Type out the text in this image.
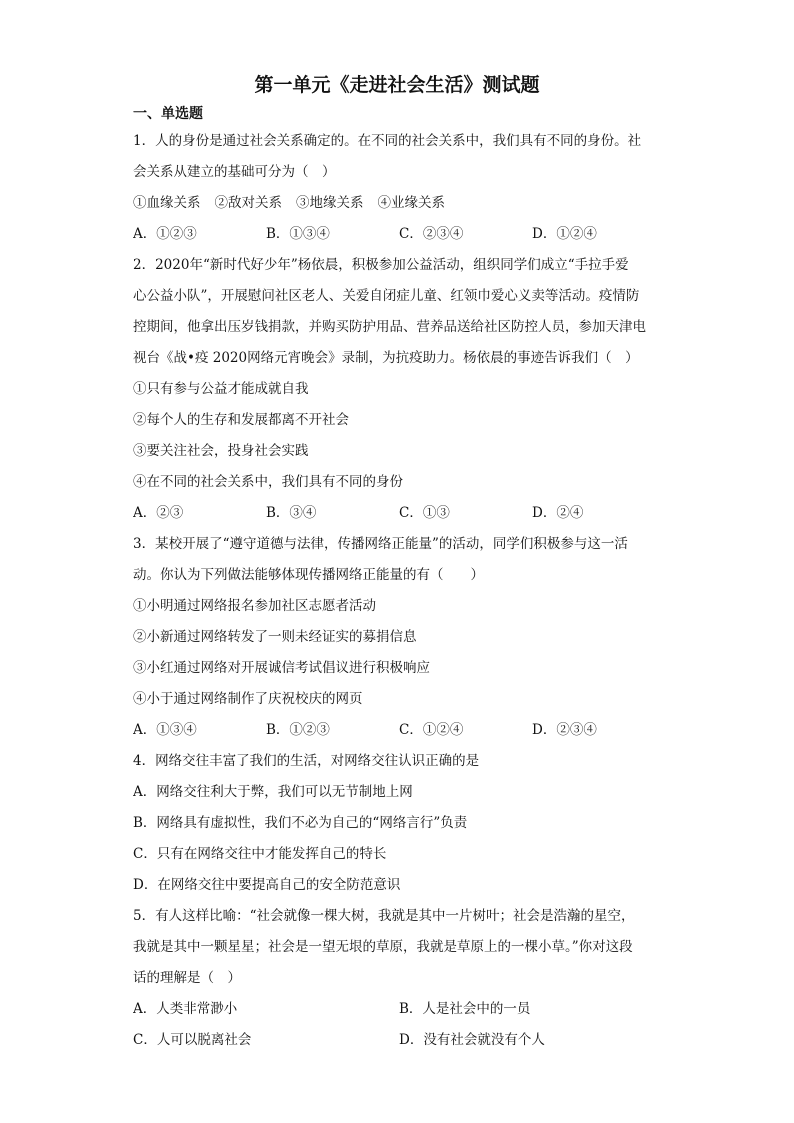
第一单元《走进社会生活》测试题
一、单选题
1．人的身份是通过社会关系确定的。在不同的社会关系中，我们具有不同的身份。社
会关系从建立的基础可分为（　）
①血缘关系 ②敌对关系 ③地缘关系 ④业缘关系
A．①②③	B．①③④	C．②③④	D．①②④
2．2020年“新时代好少年”杨依晨，积极参加公益活动，组织同学们成立“手拉手爱
心公益小队”，开展慰问社区老人、关爱自闭症儿童、红领巾爱心义卖等活动。疫情防
控期间，他拿出压岁钱捐款，并购买防护用品、营养品送给社区防控人员，参加天津电
视台《战•疫 2020网络元宵晚会》录制，为抗疫助力。杨依晨的事迹告诉我们（　）
①只有参与公益才能成就自我
②每个人的生存和发展都离不开社会
③要关注社会，投身社会实践
④在不同的社会关系中，我们具有不同的身份
A．②③	B．③④	C．①③	D．②④
3．某校开展了“遵守道德与法律，传播网络正能量”的活动，同学们积极参与这一活
动。你认为下列做法能够体现传播网络正能量的有（　　）
①小明通过网络报名参加社区志愿者活动
②小新通过网络转发了一则未经证实的募捐信息
③小红通过网络对开展诚信考试倡议进行积极响应
④小于通过网络制作了庆祝校庆的网页
A．①③④	B．①②③	C．①②④	D．②③④
4．网络交往丰富了我们的生活，对网络交往认识正确的是
A．网络交往利大于弊，我们可以无节制地上网
B．网络具有虚拟性，我们不必为自己的“网络言行”负责
C．只有在网络交往中才能发挥自己的特长
D．在网络交往中要提高自己的安全防范意识
5．有人这样比喻：“社会就像一棵大树，我就是其中一片树叶；社会是浩瀚的星空，
我就是其中一颗星星；社会是一望无垠的草原，我就是草原上的一棵小草。”你对这段
话的理解是（　）
A．人类非常渺小	B．人是社会中的一员
C．人可以脱离社会	D．没有社会就没有个人
